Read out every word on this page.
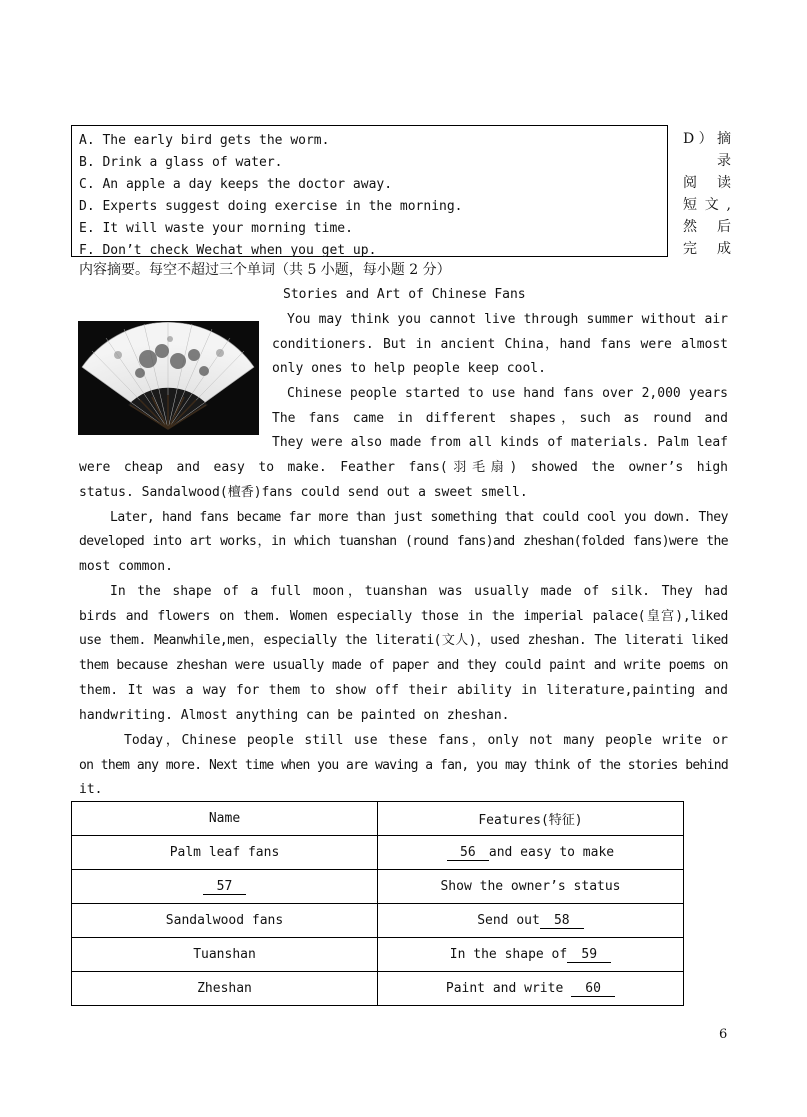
A. The early bird gets the worm.
B. Drink a glass of water.
C. An apple a day keeps the doctor away.
D. Experts suggest doing exercise in the morning.
E. It will waste your morning time.
F. Don’t check Wechat when you get up.
D）摘
录
阅 读
短文,
然 后
完 成
内容摘要。每空不超过三个单词（共 5 小题，每小题 2 分）
Stories and Art of Chinese Fans
You may think you cannot live through summer without air
conditioners. But in ancient China，hand fans were almost
only ones to help people keep cool.
Chinese people started to use hand fans over 2,000 years
The fans came in different shapes，such as round and
They were also made from all kinds of materials. Palm leaf
were cheap and easy to make. Feather fans(羽毛扇) showed the owner’s high
status. Sandalwood(檀香)fans could send out a sweet smell.
Later, hand fans became far more than just something that could cool you down. They
developed into art works，in which tuanshan (round fans)and zheshan(folded fans)were the
most common.
In the shape of a full moon，tuanshan was usually made of silk. They had
birds and flowers on them. Women especially those in the imperial palace(皇宫),liked
use them. Meanwhile,men，especially the literati(文人)，used zheshan. The literati liked
them because zheshan were usually made of paper and they could paint and write poems on
them. It was a way for them to show off their ability in literature,painting and
handwriting. Almost anything can be painted on zheshan.
Today，Chinese people still use these fans，only not many people write or
on them any more. Next time when you are waving a fan, you may think of the stories behind
it.
Name	Features(特征)
Palm leaf fans	56 and easy to make
57	Show the owner’s status
Sandalwood fans	Send out 58
Tuanshan	In the shape of 59
Zheshan	Paint and write 60
6
